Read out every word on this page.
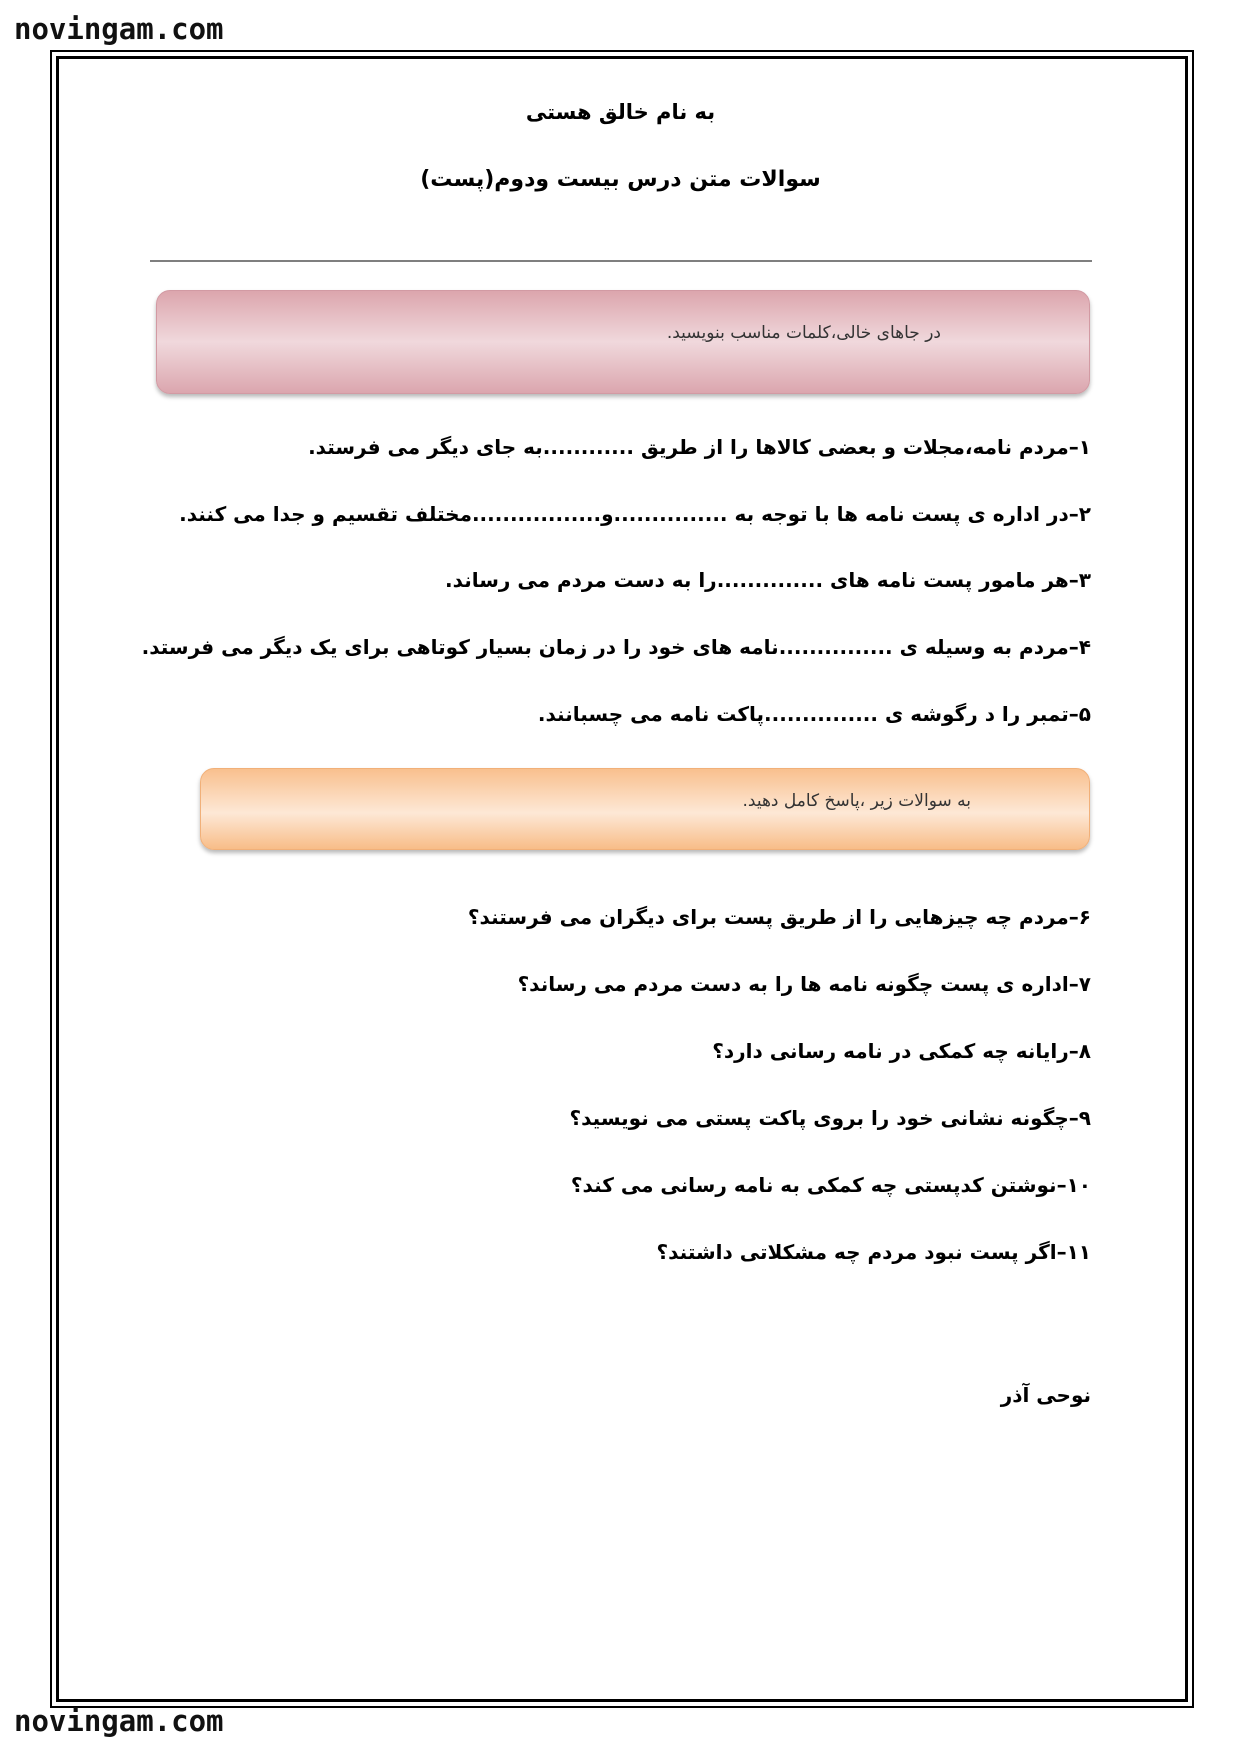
novingam.com
به نام خالق هستی
سوالات متن درس بیست ودوم(پست)
در جاهای خالی،کلمات مناسب بنویسید.
۱–مردم نامه،مجلات و بعضی کالاها را از طریق ............به جای دیگر می فرستد.
۲–در اداره ی پست نامه ها با توجه به ...............و.................مختلف تقسیم و جدا می کنند.
۳–هر مامور پست نامه های ..............را به دست مردم می رساند.
۴–مردم به وسیله ی ...............نامه های خود را در زمان بسیار کوتاهی برای یک دیگر می فرستد.
۵–تمبر را د رگوشه ی ...............پاکت نامه می چسبانند.
به سوالات زیر ،پاسخ کامل دهید.
۶–مردم چه چیزهایی را از طریق پست برای دیگران می فرستند؟
۷–اداره ی پست چگونه نامه ها را به دست مردم می رساند؟
۸–رایانه چه کمکی در نامه رسانی دارد؟
۹–چگونه نشانی خود را بروی پاکت پستی می نویسید؟
۱۰–نوشتن کدپستی چه کمکی به نامه رسانی می کند؟
۱۱–اگر پست نبود مردم چه مشکلاتی داشتند؟
نوحی آذر
novingam.com
